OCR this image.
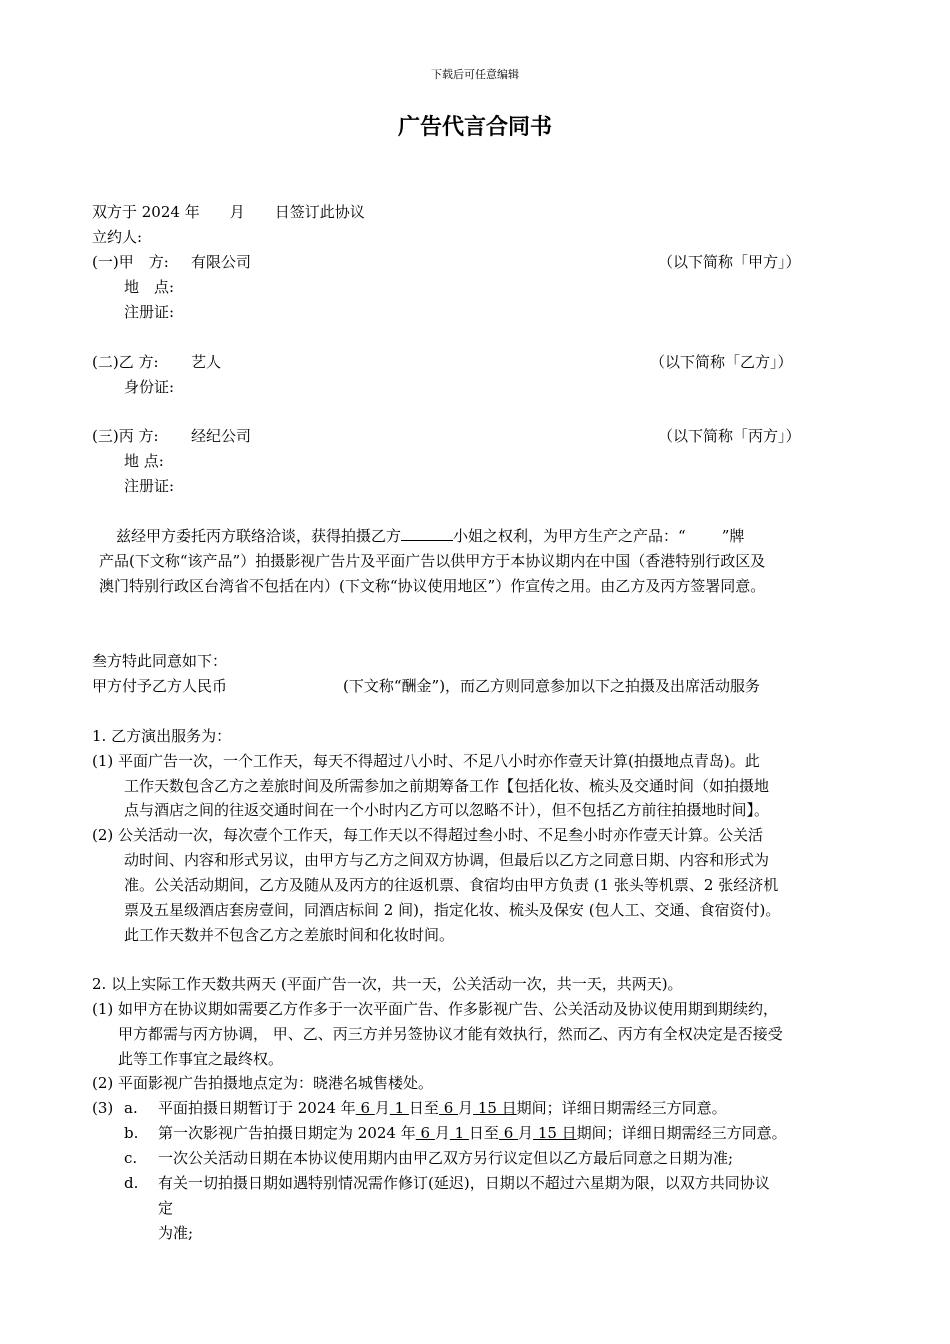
下载后可任意编辑
广告代言合同书
双方于 2024 年 月 日签订此协议
立约人:
(一)甲　方: 有限公司	（以下简称「甲方」）
地　点:
注册证:
(二)乙 方: 艺人	（以下简称「乙方」）
身份证:
(三)丙 方: 经纪公司	（以下简称「丙方」）
地 点:
注册证:
兹经甲方委托丙方联络洽谈，获得拍摄乙方	小姐之权利，为甲方生产之产品：“ ”牌
产品(下文称“该产品”）拍摄影视广告片及平面广告以供甲方于本协议期内在中国（香港特别行政区及
澳门特别行政区台湾省不包括在内）(下文称“协议使用地区”）作宣传之用。由乙方及丙方签署同意。
叁方特此同意如下：
甲方付予乙方人民币	(下文称“酬金”)，而乙方则同意参加以下之拍摄及出席活动服务
1. 乙方演出服务为：
(1) 平面广告一次，一个工作天，每天不得超过八小时、不足八小时亦作壹天计算(拍摄地点青岛)。此
工作天数包含乙方之差旅时间及所需参加之前期筹备工作【包括化妆、梳头及交通时间（如拍摄地
点与酒店之间的往返交通时间在一个小时内乙方可以忽略不计），但不包括乙方前往拍摄地时间】。
(2) 公关活动一次，每次壹个工作天，每工作天以不得超过叁小时、不足叁小时亦作壹天计算。公关活
动时间、内容和形式另议，由甲方与乙方之间双方协调，但最后以乙方之同意日期、内容和形式为
准。公关活动期间，乙方及随从及丙方的往返机票、食宿均由甲方负责 (1 张头等机票、2 张经济机
票及五星级酒店套房壹间，同酒店标间 2 间)，指定化妆、梳头及保安 (包人工、交通、食宿资付)。
此工作天数并不包含乙方之差旅时间和化妆时间。
2. 以上实际工作天数共两天 (平面广告一次，共一天，公关活动一次，共一天，共两天)。
(1) 如甲方在协议期如需要乙方作多于一次平面广告、作多影视广告、公关活动及协议使用期到期续约，
甲方都需与丙方协调， 甲、乙、丙三方并另签协议才能有效执行，然而乙、丙方有全权决定是否接受
此等工作事宜之最终权。
(2) 平面影视广告拍摄地点定为：晓港名城售楼处。
(3) a. 平面拍摄日期暂订于 2024 年 6 月 1 日至 6 月 15 日期间；详细日期需经三方同意。
b. 第一次影视广告拍摄日期定为 2024 年 6 月 1 日至 6 月 15 日期间；详细日期需经三方同意。
c. 一次公关活动日期在本协议使用期内由甲乙双方另行议定但以乙方最后同意之日期为准;
d. 有关一切拍摄日期如遇特别情况需作修订(延迟)，日期以不超过六星期为限，以双方共同协议
定
为准;
